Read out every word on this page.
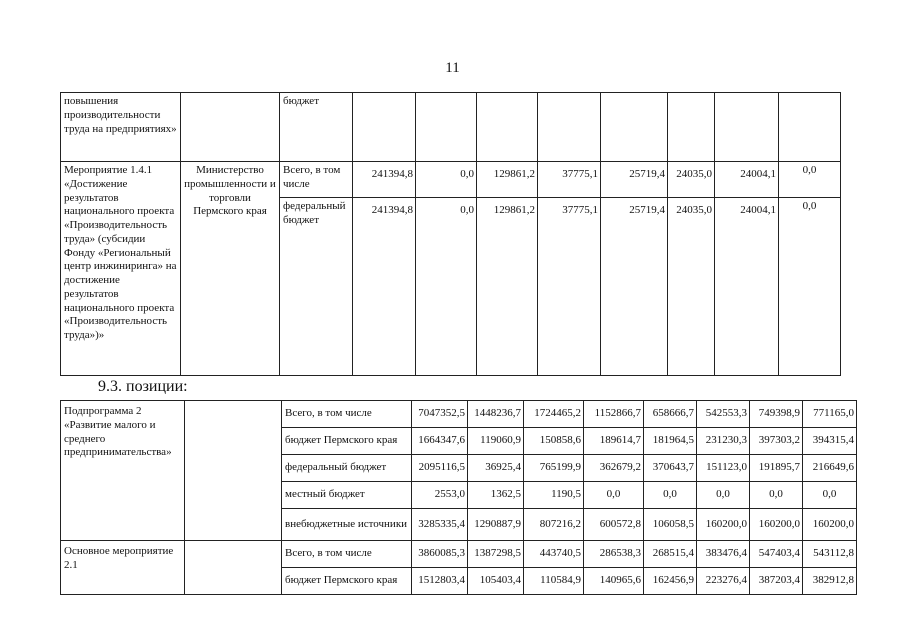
11
повышения производительности труда на предприятиях»		бюджет								
Мероприятие 1.4.1 «Достижение результатов национального проекта «Производительность труда» (субсидии Фонду «Региональный центр инжиниринга» на достижение результатов национального проекта «Производительность труда»)»	Министерство промышленности и торговли Пермского края	Всего, в том числе	241394,8	0,0	129861,2	37775,1	25719,4	24035,0	24004,1	0,0
		федеральный бюджет	241394,8	0,0	129861,2	37775,1	25719,4	24035,0	24004,1	0,0
9.3. позиции:
Подпрограмма 2 «Развитие малого и среднего предпринимательства»		Всего, в том числе	7047352,5	1448236,7	1724465,2	1152866,7	658666,7	542553,3	749398,9	771165,0
		бюджет Пермского края	1664347,6	119060,9	150858,6	189614,7	181964,5	231230,3	397303,2	394315,4
		федеральный бюджет	2095116,5	36925,4	765199,9	362679,2	370643,7	151123,0	191895,7	216649,6
		местный бюджет	2553,0	1362,5	1190,5	0,0	0,0	0,0	0,0	0,0
		внебюджетные источники	3285335,4	1290887,9	807216,2	600572,8	106058,5	160200,0	160200,0	160200,0
Основное мероприятие 2.1		Всего, в том числе	3860085,3	1387298,5	443740,5	286538,3	268515,4	383476,4	547403,4	543112,8
		бюджет Пермского края	1512803,4	105403,4	110584,9	140965,6	162456,9	223276,4	387203,4	382912,8
